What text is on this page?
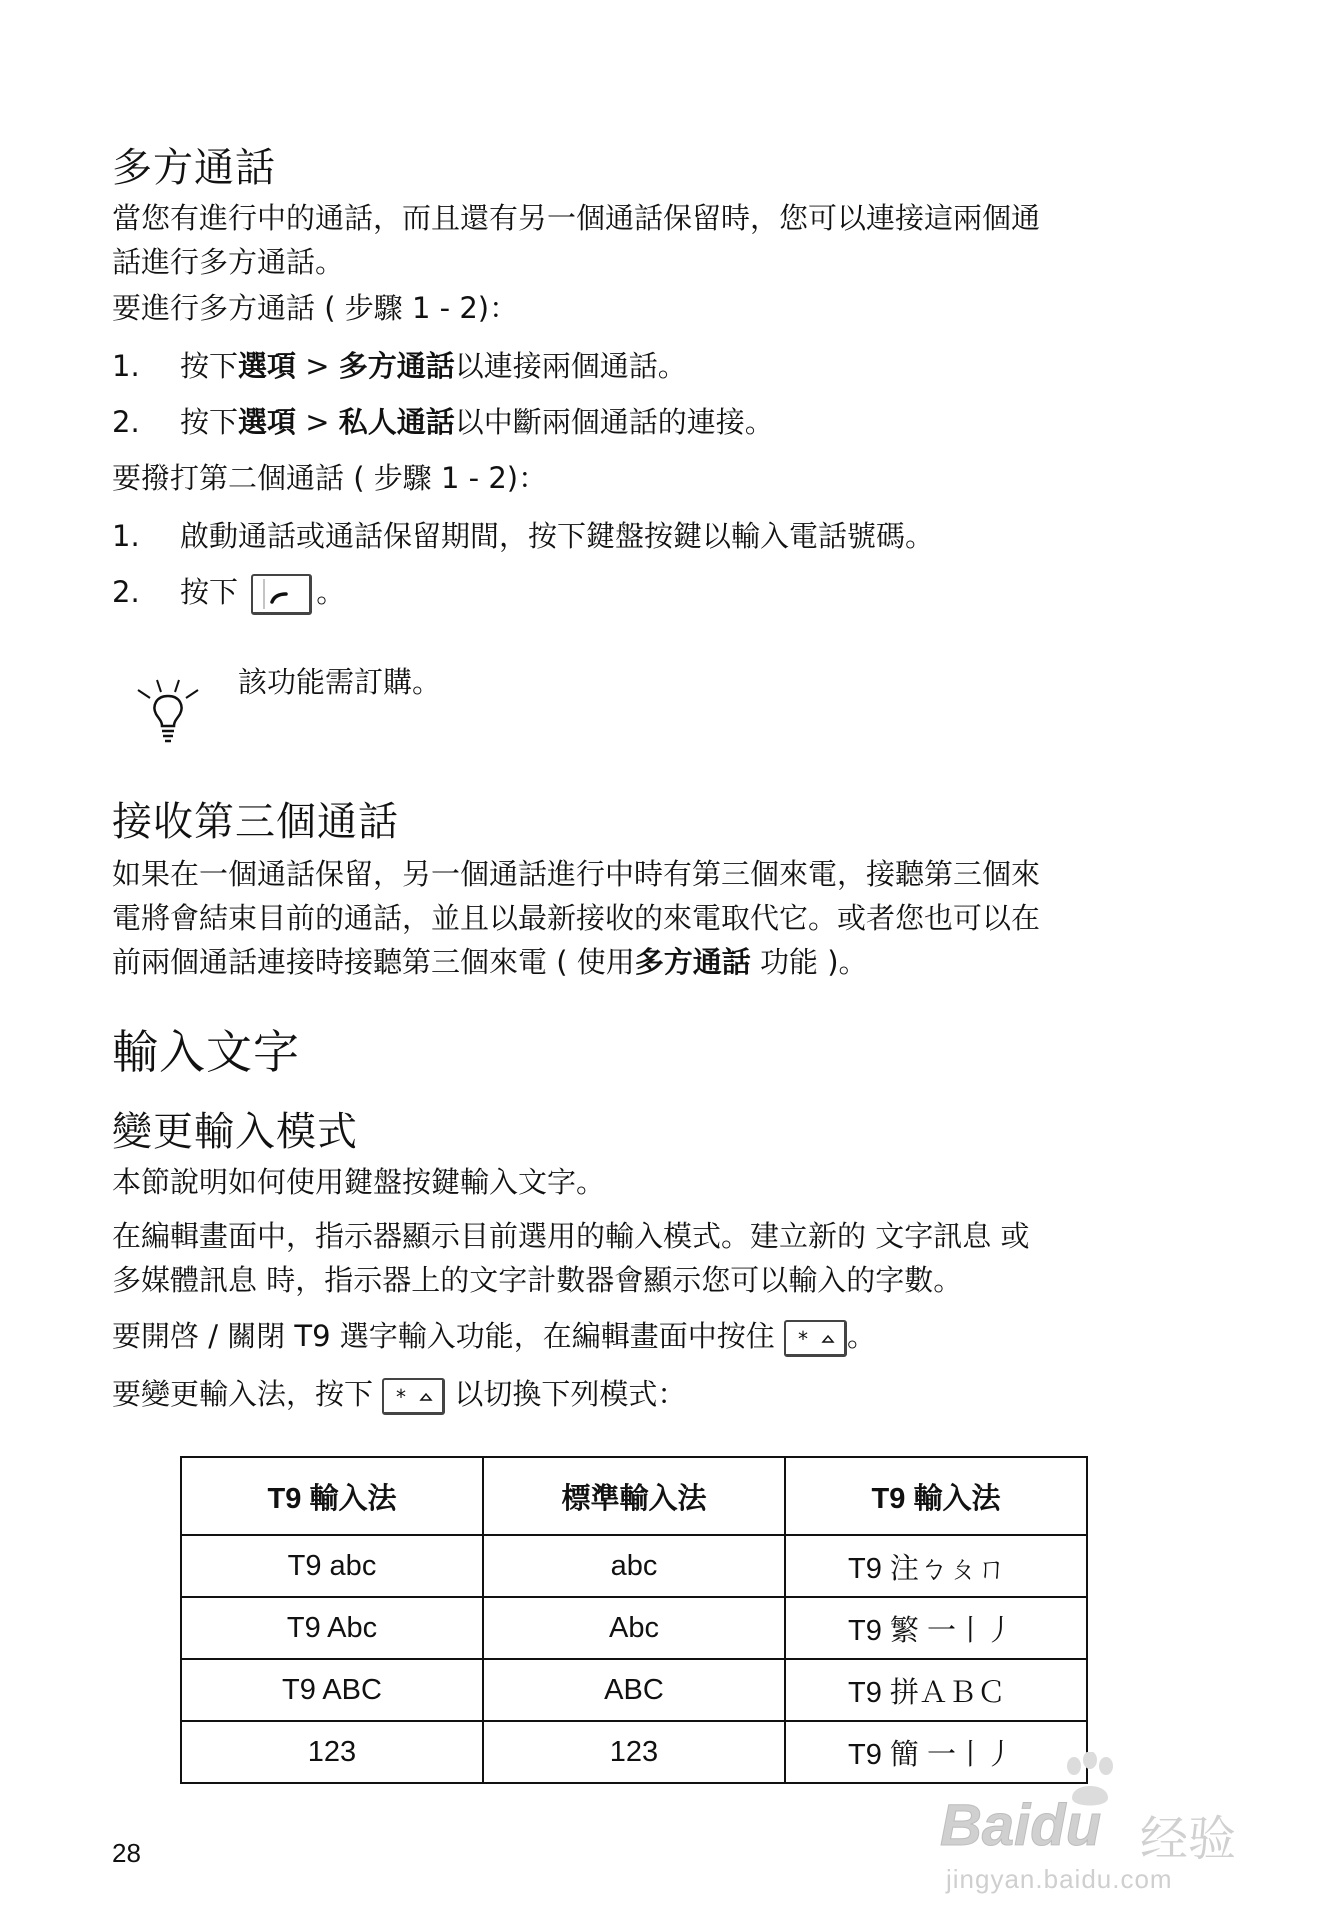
多方通話
當您有進行中的通話，而且還有另一個通話保留時，您可以連接這兩個通
話進行多方通話。
要進行多方通話 ( 步驟 1 - 2)：
1. 按下選項 > 多方通話以連接兩個通話。
2. 按下選項 > 私人通話以中斷兩個通話的連接。
要撥打第二個通話 ( 步驟 1 - 2)：
1. 啟動通話或通話保留期間，按下鍵盤按鍵以輸入電話號碼。
2. 按下	。
該功能需訂購。
接收第三個通話
如果在一個通話保留，另一個通話進行中時有第三個來電，接聽第三個來
電將會結束目前的通話，並且以最新接收的來電取代它。或者您也可以在
前兩個通話連接時接聽第三個來電 ( 使用多方通話 功能 )。
輸入文字
變更輸入模式
本節說明如何使用鍵盤按鍵輸入文字。
在編輯畫面中，指示器顯示目前選用的輸入模式。建立新的 文字訊息 或
多媒體訊息 時，指示器上的文字計數器會顯示您可以輸入的字數。
要開啓 / 關閉 T9 選字輸入功能，在編輯畫面中按住 * 。
要變更輸入法，按下 * 以切換下列模式：
T9 輸入法	標準輸入法	T9 輸入法
T9 abc	abc	T9 注ㄅㄆㄇ
T9 Abc	Abc	T9 繁 一丨丿
T9 ABC	ABC	T9 拼ＡＢＣ
123	123	T9 簡 一丨丿
28	Baidu 经验
jingyan.baidu.com
